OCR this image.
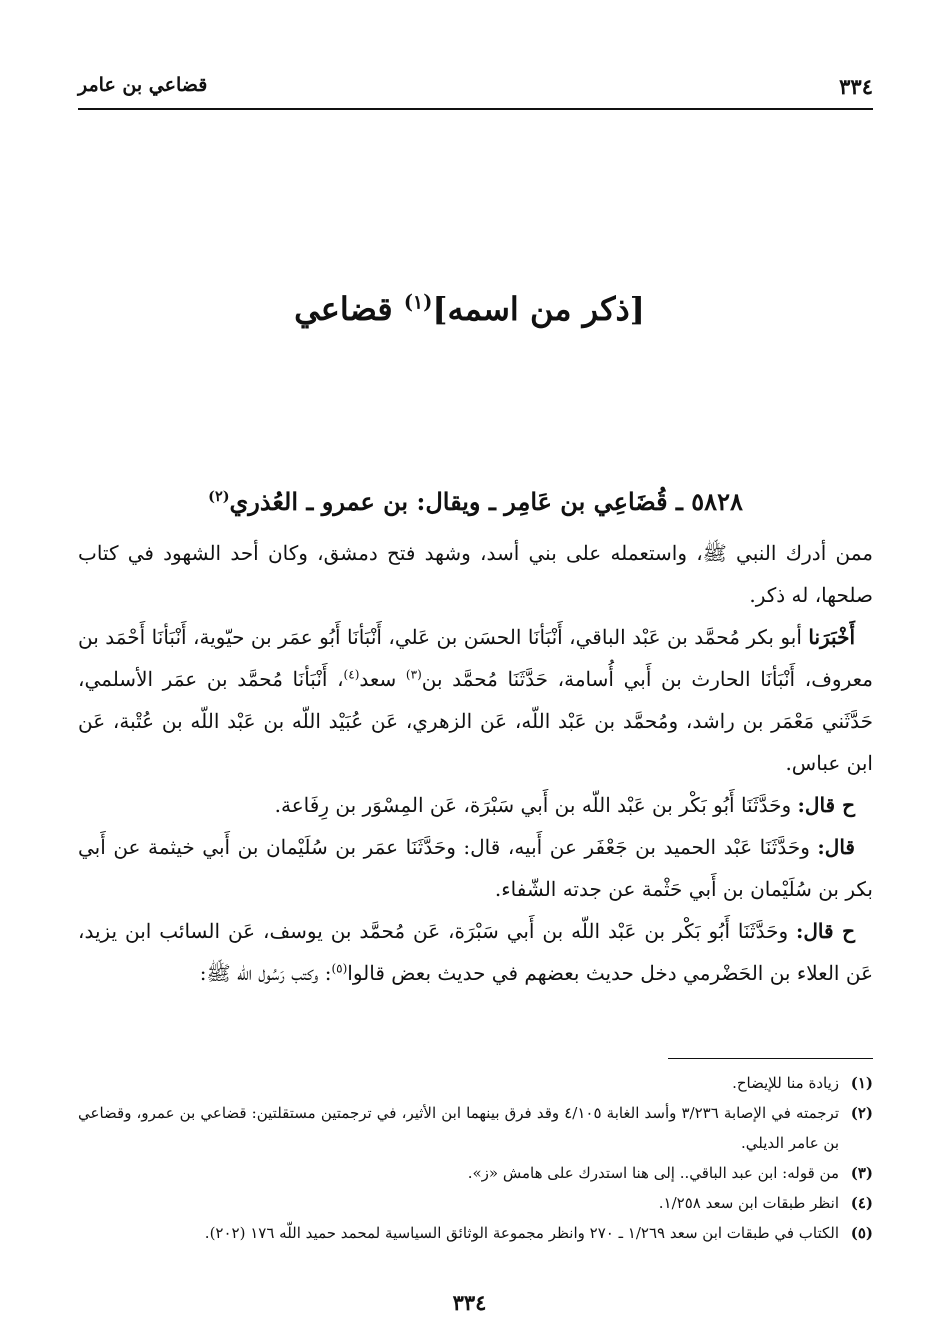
٣٣٤
قضاعي بن عامر
[ذكر من اسمه]$^{(١)}$ قضاعي
٥٨٢٨ ـ قُضَاعِي بن عَامِر ـ ويقال: بن عمرو ـ العُذري$^{(٢)}$

ممن أدرك النبي ﷺ، واستعمله على بني أسد، وشهد فتح دمشق، وكان أحد الشهود في كتاب صلحها، له ذكر.

أَخْبَرَنا أبو بكر مُحمَّد بن عَبْد الباقي، أَنْبَأنَا الحسَن بن عَلي، أَنْبَأنَا أَبُو عمَر بن حيّوية، أَنْبَأنَا أَحْمَد بن معروف، أَنْبَأنَا الحارث بن أَبي أُسامة، حَدَّثَنَا مُحمَّد بن$^{(٣)}$ سعد$^{(٤)}$، أَنْبَأنَا مُحمَّد بن عمَر الأسلمي، حَدَّثَني مَعْمَر بن راشد، ومُحمَّد بن عَبْد اللّه، عَن الزهري، عَن عُبَيْد اللّه بن عَبْد اللّه بن عُتْبة، عَن ابن عباس.

ح قال: وحَدَّثَنَا أَبُو بَكْر بن عَبْد اللّه بن أَبي سَبْرَة، عَن المِسْوَر بن رِفَاعة.

قال: وحَدَّثَنَا عَبْد الحميد بن جَعْفَر عن أَبيه، قال: وحَدَّثَنَا عمَر بن سُلَيْمان بن أَبي خيثمة عن أَبي بكر بن سُلَيْمان بن أَبي حَثْمة عن جدته الشّفاء.

ح قال: وحَدَّثَنَا أَبُو بَكْر بن عَبْد اللّه بن أَبي سَبْرَة، عَن مُحمَّد بن يوسف، عَن السائب ابن يزيد، عَن العلاء بن الحَضْرمي دخل حديث بعضهم في حديث بعض قالوا$^{(٥)}$: وكتب رَسُول اللّه ﷺ:

(١)
زيادة منا للإيضاح.
(٢)
ترجمته في الإصابة ٣/٢٣٦ وأسد الغابة ٤/١٠٥ وقد فرق بينهما ابن الأثير، في ترجمتين مستقلتين: قضاعي بن عمرو، وقضاعي بن عامر الديلي.
(٣)
من قوله: ابن عبد الباقي.. إلى هنا استدرك على هامش «ز».
(٤)
انظر طبقات ابن سعد ١/٢٥٨.
(٥)
الكتاب في طبقات ابن سعد ١/٢٦٩ ـ ٢٧٠ وانظر مجموعة الوثائق السياسية لمحمد حميد اللّه ١٧٦ (٢٠٢).
٣٣٤
